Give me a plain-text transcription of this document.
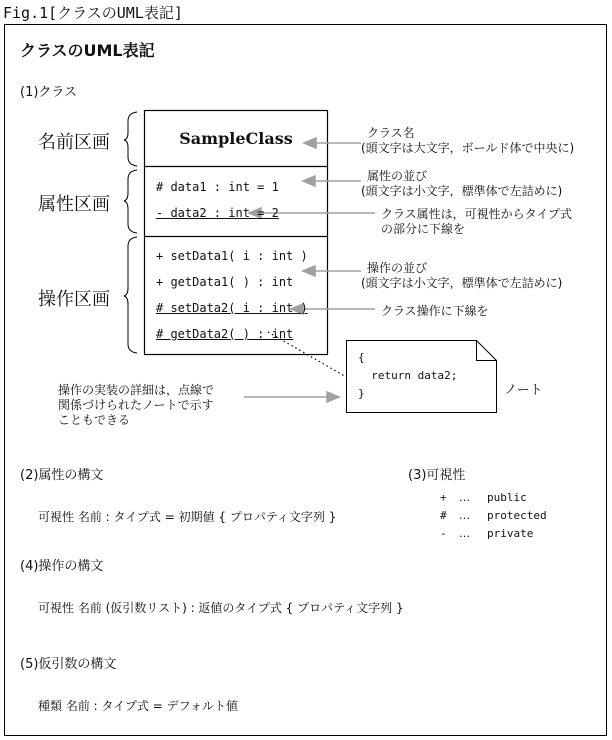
Fig.1[クラスのUML表記]
クラスのUML表記
(1)クラス
名前区画
属性区画
操作区画
SampleClass
# data1 : int = 1
- data2 : int = 2
+ setData1( i : int )
+ getData1( ) : int
# setData2( i : int )
# getData2( ) : int
クラス名
(頭文字は大文字，ボールド体で中央に)
属性の並び
(頭文字は小文字，標準体で左詰めに)
クラス属性は，可視性からタイプ式
の部分に下線を
操作の並び
(頭文字は小文字，標準体で左詰めに)
クラス操作に下線を
操作の実装の詳細は，点線で
関係づけられたノートで示す
こともできる
{
return data2;
}	ノート
(2)属性の構文
可視性 名前 : タイプ式 = 初期値 { プロパティ文字列 }
(3)可視性
+ … public
# … protected
- … private
(4)操作の構文
可視性 名前 (仮引数リスト) : 返値のタイプ式 { プロパティ文字列 }
(5)仮引数の構文
種類 名前 : タイプ式 = デフォルト値
